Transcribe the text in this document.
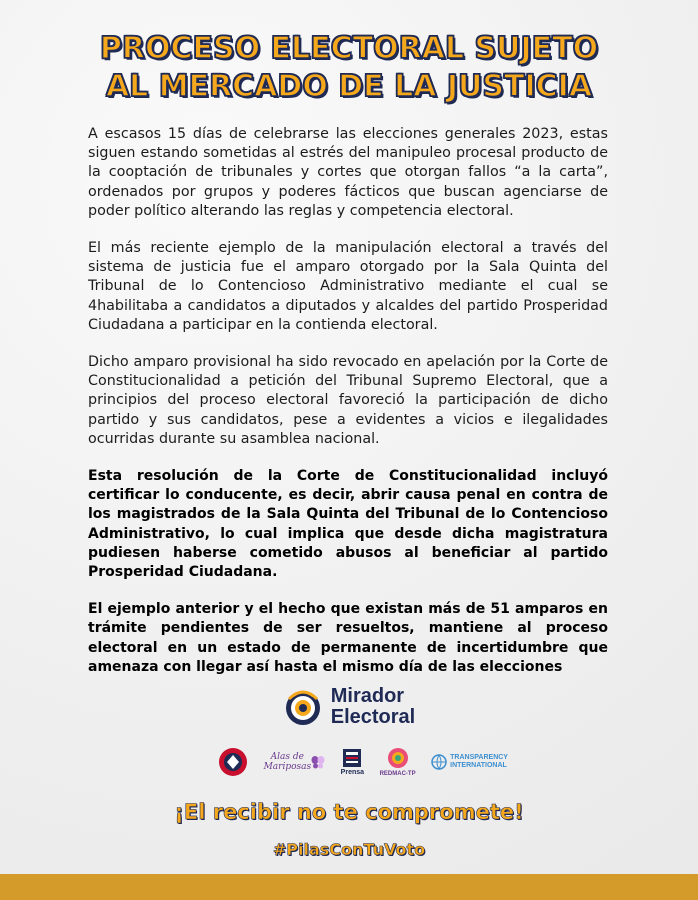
PROCESO ELECTORAL SUJETO
AL MERCADO DE LA JUSTICIA

A escasos 15 días de celebrarse las elecciones generales 2023, estas siguen estando sometidas al estrés del manipuleo procesal producto de la cooptación de tribunales y cortes que otorgan fallos “a la carta”, ordenados por grupos y poderes fácticos que buscan agenciarse de poder político alterando las reglas y competencia electoral.

El más reciente ejemplo de la manipulación electoral a través del sistema de justicia fue el amparo otorgado por la Sala Quinta del Tribunal de lo Contencioso Administrativo mediante el cual se 4habilitaba a candidatos a diputados y alcaldes del partido Prosperidad Ciudadana a participar en la contienda electoral.

Dicho amparo provisional ha sido revocado en apelación por la Corte de Constitucionalidad a petición del Tribunal Supremo Electoral, que a principios del proceso electoral favoreció la participación de dicho partido y sus candidatos, pese a evidentes a vicios e ilegalidades ocurridas durante su asamblea nacional.

Esta resolución de la Corte de Constitucionalidad incluyó certificar lo conducente, es decir, abrir causa penal en contra de los magistrados de la Sala Quinta del Tribunal de lo Contencioso Administrativo, lo cual implica que desde dicha magistratura pudiesen haberse cometido abusos al beneficiar al partido Prosperidad Ciudadana.

El ejemplo anterior y el hecho que existan más de 51 amparos en trámite pendientes de ser resueltos, mantiene al proceso electoral en un estado de permanente de incertidumbre que amenaza con llegar así hasta el mismo día de las elecciones

Mirador
Electoral
Alas de
Mariposas
Prensa	REDMAC-TP
TRANSPARENCY
INTERNATIONAL
¡El recibir no te compromete!
#PilasConTuVoto
